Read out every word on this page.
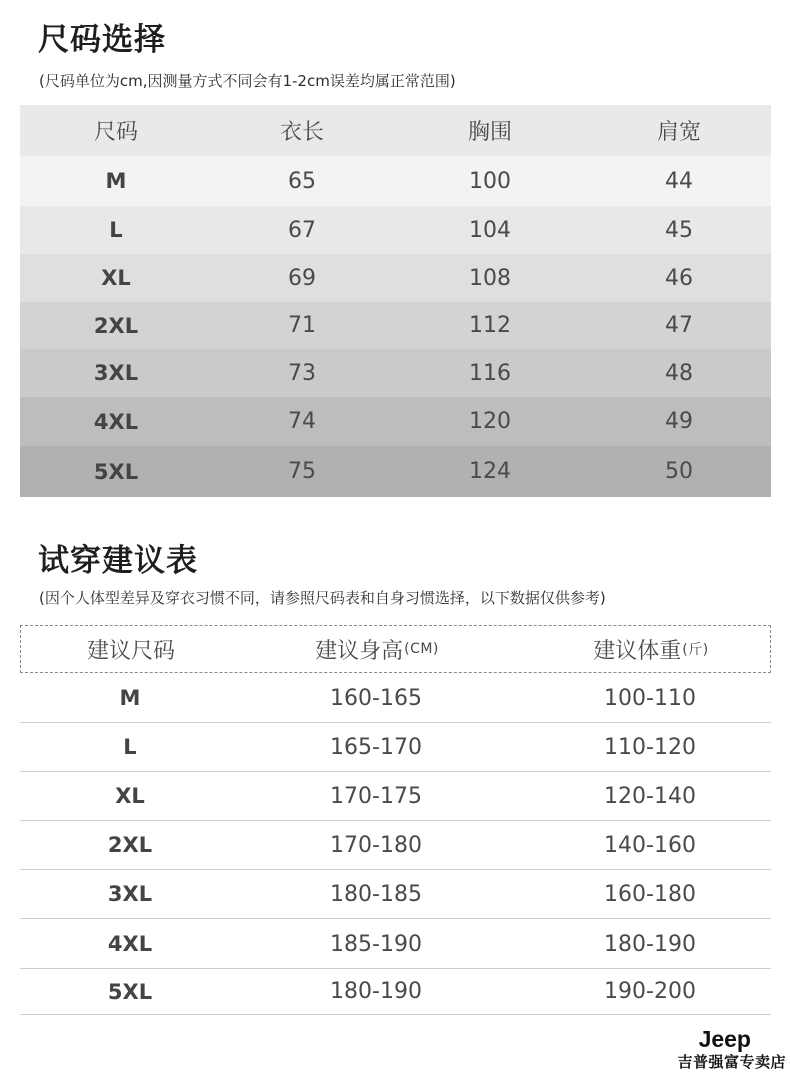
尺码选择

(尺码单位为cm,因测量方式不同会有1-2cm误差均属正常范围)

尺码	衣长	胸围	肩宽
M	65	100	44
L	67	104	45
XL	69	108	46
2XL	71	112	47
3XL	73	116	48
4XL	74	120	49
5XL	75	124	50
试穿建议表

(因个人体型差异及穿衣习惯不同，请参照尺码表和自身习惯选择，以下数据仅供参考)

建议尺码	建议身高 (CM)	建议体重 (斤)
M	160-165	100-110
L	165-170	110-120
XL	170-175	120-140
2XL	170-180	140-160
3XL	180-185	160-180
4XL	185-190	180-190
5XL	180-190	190-200
Jeep
吉普强富专卖店
